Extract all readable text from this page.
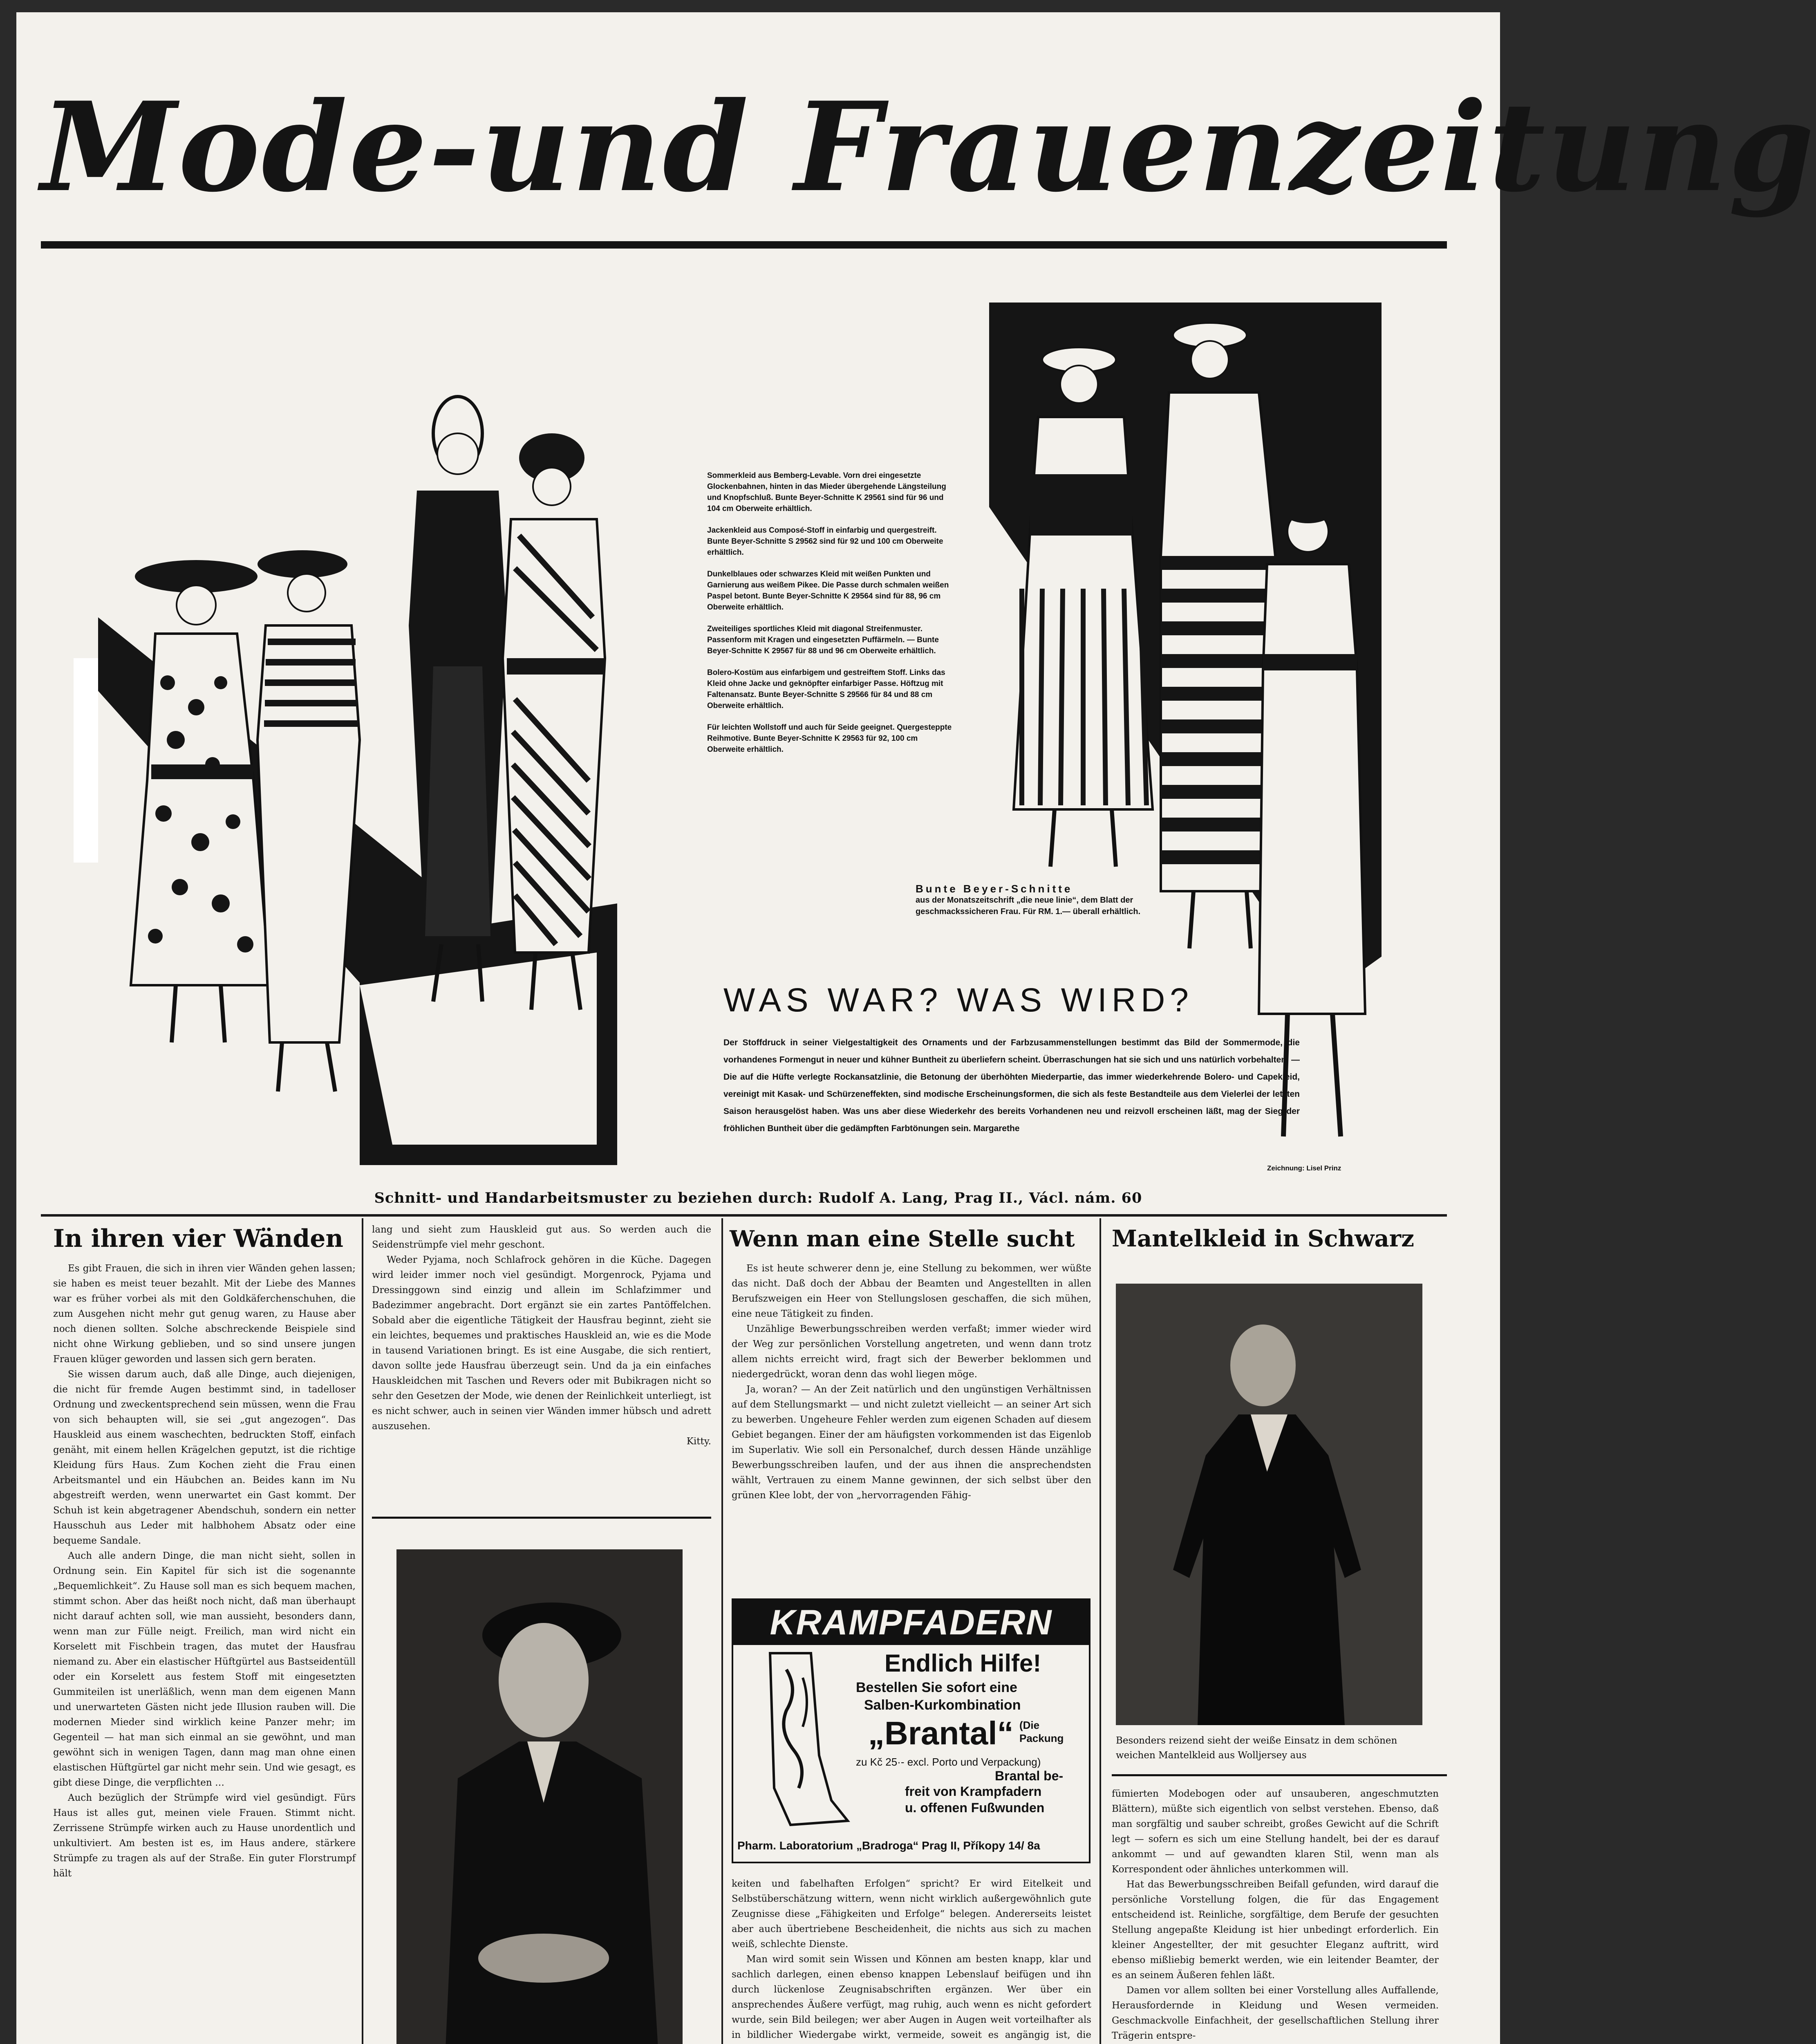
Mode-und Frauenzeitung

Sommerkleid aus Bemberg-Levable. Vorn drei eingesetzte Glockenbahnen, hinten in das Mieder übergehende Längsteilung und Knopfschluß. Bunte Beyer-Schnitte K 29561 sind für 96 und 104 cm Oberweite erhältlich.

Jackenkleid aus Composé-Stoff in einfarbig und quergestreift. Bunte Beyer-Schnitte S 29562 sind für 92 und 100 cm Oberweite erhältlich.

Dunkelblaues oder schwarzes Kleid mit weißen Punkten und Garnierung aus weißem Pikee. Die Passe durch schmalen weißen Paspel betont. Bunte Beyer-Schnitte K 29564 sind für 88, 96 cm Oberweite erhältlich.

Zweiteiliges sportliches Kleid mit diagonal Streifenmuster. Passenform mit Kragen und eingesetzten Puffärmeln. — Bunte Beyer-Schnitte K 29567 für 88 und 96 cm Oberweite erhältlich.

Bolero-Kostüm aus einfarbigem und gestreiftem Stoff. Links das Kleid ohne Jacke und geknöpfter einfarbiger Passe. Höftzug mit Faltenansatz. Bunte Beyer-Schnitte S 29566 für 84 und 88 cm Oberweite erhältlich.

Für leichten Wollstoff und auch für Seide geeignet. Quergesteppte Reihmotive. Bunte Beyer-Schnitte K 29563 für 92, 100 cm Oberweite erhältlich.

Bunte Beyer-Schnitte
aus der Monatszeitschrift „die neue linie“, dem Blatt der geschmackssicheren Frau. Für RM. 1.— überall erhältlich.
WAS WAR? WAS WIRD?
Der Stoffdruck in seiner Vielgestaltigkeit des Ornaments und der Farbzusammenstellungen bestimmt das Bild der Sommermode, die vorhandenes Formengut in neuer und kühner Buntheit zu überliefern scheint. Überraschungen hat sie sich und uns natürlich vorbehalten. — Die auf die Hüfte verlegte Rockansatzlinie, die Betonung der überhöhten Miederpartie, das immer wiederkehrende Bolero- und Capekleid, vereinigt mit Kasak- und Schürzeneffekten, sind modische Erscheinungsformen, die sich als feste Bestandteile aus dem Vielerlei der letzten Saison herausgelöst haben. Was uns aber diese Wiederkehr des bereits Vorhandenen neu und reizvoll erscheinen läßt, mag der Sieg der fröhlichen Buntheit über die gedämpften Farbtönungen sein. Margarethe
Zeichnung: Lisel Prinz
Schnitt- und Handarbeitsmuster zu beziehen durch: Rudolf A. Lang, Prag II., Václ. nám. 60
In ihren vier Wänden

Es gibt Frauen, die sich in ihren vier Wänden gehen lassen; sie haben es meist teuer bezahlt. Mit der Liebe des Mannes war es früher vorbei als mit den Goldkäferchenschuhen, die zum Ausgehen nicht mehr gut genug waren, zu Hause aber noch dienen sollten. Solche abschreckende Beispiele sind nicht ohne Wirkung geblieben, und so sind unsere jungen Frauen klüger geworden und lassen sich gern beraten.

Sie wissen darum auch, daß alle Dinge, auch diejenigen, die nicht für fremde Augen bestimmt sind, in tadelloser Ordnung und zweckentsprechend sein müssen, wenn die Frau von sich behaupten will, sie sei „gut angezogen“. Das Hauskleid aus einem waschechten, bedruckten Stoff, einfach genäht, mit einem hellen Krägelchen geputzt, ist die richtige Kleidung fürs Haus. Zum Kochen zieht die Frau einen Arbeitsmantel und ein Häubchen an. Beides kann im Nu abgestreift werden, wenn unerwartet ein Gast kommt. Der Schuh ist kein abgetragener Abendschuh, sondern ein netter Hausschuh aus Leder mit halbhohem Absatz oder eine bequeme Sandale.

Auch alle andern Dinge, die man nicht sieht, sollen in Ordnung sein. Ein Kapitel für sich ist die sogenannte „Bequemlichkeit“. Zu Hause soll man es sich bequem machen, stimmt schon. Aber das heißt noch nicht, daß man überhaupt nicht darauf achten soll, wie man aussieht, besonders dann, wenn man zur Fülle neigt. Freilich, man wird nicht ein Korselett mit Fischbein tragen, das mutet der Hausfrau niemand zu. Aber ein elastischer Hüftgürtel aus Bastseidentüll oder ein Korselett aus festem Stoff mit eingesetzten Gummiteilen ist unerläßlich, wenn man dem eigenen Mann und unerwarteten Gästen nicht jede Illusion rauben will. Die modernen Mieder sind wirklich keine Panzer mehr; im Gegenteil — hat man sich einmal an sie gewöhnt, und man gewöhnt sich in wenigen Tagen, dann mag man ohne einen elastischen Hüftgürtel gar nicht mehr sein. Und wie gesagt, es gibt diese Dinge, die verpflichten …

Auch bezüglich der Strümpfe wird viel gesündigt. Fürs Haus ist alles gut, meinen viele Frauen. Stimmt nicht. Zerrissene Strümpfe wirken auch zu Hause unordentlich und unkultiviert. Am besten ist es, im Haus andere, stärkere Strümpfe zu tragen als auf der Straße. Ein guter Florstrumpf hält

lang und sieht zum Hauskleid gut aus. So werden auch die Seidenstrümpfe viel mehr geschont.

Weder Pyjama, noch Schlafrock gehören in die Küche. Dagegen wird leider immer noch viel gesündigt. Morgenrock, Pyjama und Dressinggown sind einzig und allein im Schlafzimmer und Badezimmer angebracht. Dort ergänzt sie ein zartes Pantöffelchen. Sobald aber die eigentliche Tätigkeit der Hausfrau beginnt, zieht sie ein leichtes, bequemes und praktisches Hauskleid an, wie es die Mode in tausend Variationen bringt. Es ist eine Ausgabe, die sich rentiert, davon sollte jede Hausfrau überzeugt sein. Und da ja ein einfaches Hauskleidchen mit Taschen und Revers oder mit Bubikragen nicht so sehr den Gesetzen der Mode, wie denen der Reinlichkeit unterliegt, ist es nicht schwer, auch in seinen vier Wänden immer hübsch und adrett auszusehen.

Kitty.

Wenn man eine Stelle sucht

Es ist heute schwerer denn je, eine Stellung zu bekommen, wer wüßte das nicht. Daß doch der Abbau der Beamten und Angestellten in allen Berufszweigen ein Heer von Stellungslosen geschaffen, die sich mühen, eine neue Tätigkeit zu finden.

Unzählige Bewerbungsschreiben werden verfaßt; immer wieder wird der Weg zur persönlichen Vorstellung angetreten, und wenn dann trotz allem nichts erreicht wird, fragt sich der Bewerber beklommen und niedergedrückt, woran denn das wohl liegen möge.

Ja, woran? — An der Zeit natürlich und den ungünstigen Verhältnissen auf dem Stellungsmarkt — und nicht zuletzt vielleicht — an seiner Art sich zu bewerben. Ungeheure Fehler werden zum eigenen Schaden auf diesem Gebiet begangen. Einer der am häufigsten vorkommenden ist das Eigenlob im Superlativ. Wie soll ein Personalchef, durch dessen Hände unzählige Bewerbungsschreiben laufen, und der aus ihnen die ansprechendsten wählt, Vertrauen zu einem Manne gewinnen, der sich selbst über den grünen Klee lobt, der von „hervorragenden Fähig-

KRAMPFADERN
Endlich Hilfe!
Bestellen Sie sofort eine
Salben-Kurkombination
„Brantal“ (Die Packung
zu Kč 25·- excl. Porto und Verpackung)
Brantal be-
freit von Krampfadern
u. offenen Fußwunden
Pharm. Laboratorium „Bradroga“ Prag II, Příkopy 14/ 8a

keiten und fabelhaften Erfolgen“ spricht? Er wird Eitelkeit und Selbstüberschätzung wittern, wenn nicht wirklich außergewöhnlich gute Zeugnisse diese „Fähigkeiten und Erfolge“ belegen. Andererseits leistet aber auch übertriebene Bescheidenheit, die nichts aus sich zu machen weiß, schlechte Dienste.

Man wird somit sein Wissen und Können am besten knapp, klar und sachlich darlegen, einen ebenso knappen Lebenslauf beifügen und ihn durch lückenlose Zeugnisabschriften ergänzen. Wer über ein ansprechendes Äußere verfügt, mag ruhig, auch wenn es nicht gefordert wurde, sein Bild beilegen; wer aber Augen in Augen weit vorteilhafter als in bildlicher Wiedergabe wirkt, vermeide, soweit es angängig ist, die

Mantelkleid in Schwarz
Besonders reizend sieht der weiße Einsatz in dem schönen weichen Mantelkleid aus Wolljersey aus

fümierten Modebogen oder auf unsauberen, angeschmutzten Blättern), müßte sich eigentlich von selbst verstehen. Ebenso, daß man sorgfältig und sauber schreibt, großes Gewicht auf die Schrift legt — sofern es sich um eine Stellung handelt, bei der es darauf ankommt — und auf gewandten klaren Stil, wenn man als Korrespondent oder ähnliches unterkommen will.

Hat das Bewerbungsschreiben Beifall gefunden, wird darauf die persönliche Vorstellung folgen, die für das Engagement entscheidend ist. Reinliche, sorgfältige, dem Berufe der gesuchten Stellung angepaßte Kleidung ist hier unbedingt erforderlich. Ein kleiner Angestellter, der mit gesuchter Eleganz auftritt, wird ebenso mißliebig bemerkt werden, wie ein leitender Beamter, der es an seinem Äußeren fehlen läßt.

Damen vor allem sollten bei einer Vorstellung alles Auffallende, Herausfordernde in Kleidung und Wesen vermeiden. Geschmackvolle Einfachheit, der gesellschaftlichen Stellung ihrer Trägerin entspre-
